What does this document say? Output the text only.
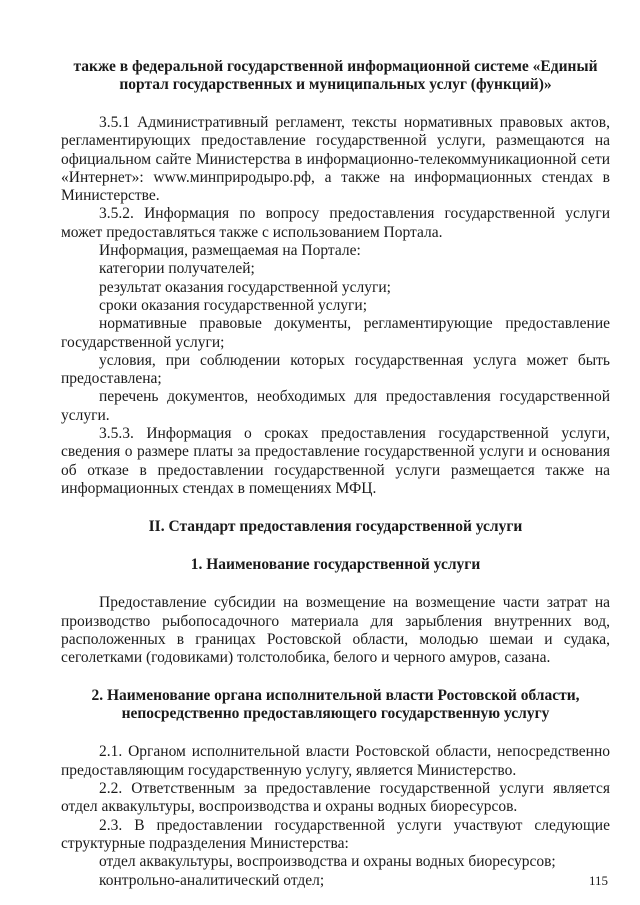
также в федеральной государственной информационной системе «Единый

портал государственных и муниципальных услуг (функций)»

3.5.1 Административный регламент, тексты нормативных правовых актов, регламентирующих предоставление государственной услуги, размещаются на официальном сайте Министерства в информационно-телекоммуникационной сети «Интернет»: www.минприродыро.рф, а также на информационных стендах в Министерстве.

3.5.2. Информация по вопросу предоставления государственной услуги может предоставляться также с использованием Портала.

Информация, размещаемая на Портале:

категории получателей;

результат оказания государственной услуги;

сроки оказания государственной услуги;

нормативные правовые документы, регламентирующие предоставление государственной услуги;

условия, при соблюдении которых государственная услуга может быть предоставлена;

перечень документов, необходимых для предоставления государственной услуги.

3.5.3. Информация о сроках предоставления государственной услуги, сведения о размере платы за предоставление государственной услуги и основания об отказе в предоставлении государственной услуги размещается также на информационных стендах в помещениях МФЦ.

II. Стандарт предоставления государственной услуги

1. Наименование государственной услуги

Предоставление субсидии на возмещение на возмещение части затрат на производство рыбопосадочного материала для зарыбления внутренних вод, расположенных в границах Ростовской области, молодью шемаи и судака, сеголетками (годовиками) толстолобика, белого и черного амуров, сазана.

2. Наименование органа исполнительной власти Ростовской области,

непосредственно предоставляющего государственную услугу

2.1. Органом исполнительной власти Ростовской области, непосредственно предоставляющим государственную услугу, является Министерство.

2.2. Ответственным за предоставление государственной услуги является отдел аквакультуры, воспроизводства и охраны водных биоресурсов.

2.3. В предоставлении государственной услуги участвуют следующие структурные подразделения Министерства:

отдел аквакультуры, воспроизводства и охраны водных биоресурсов;

контрольно-аналитический отдел;	115
